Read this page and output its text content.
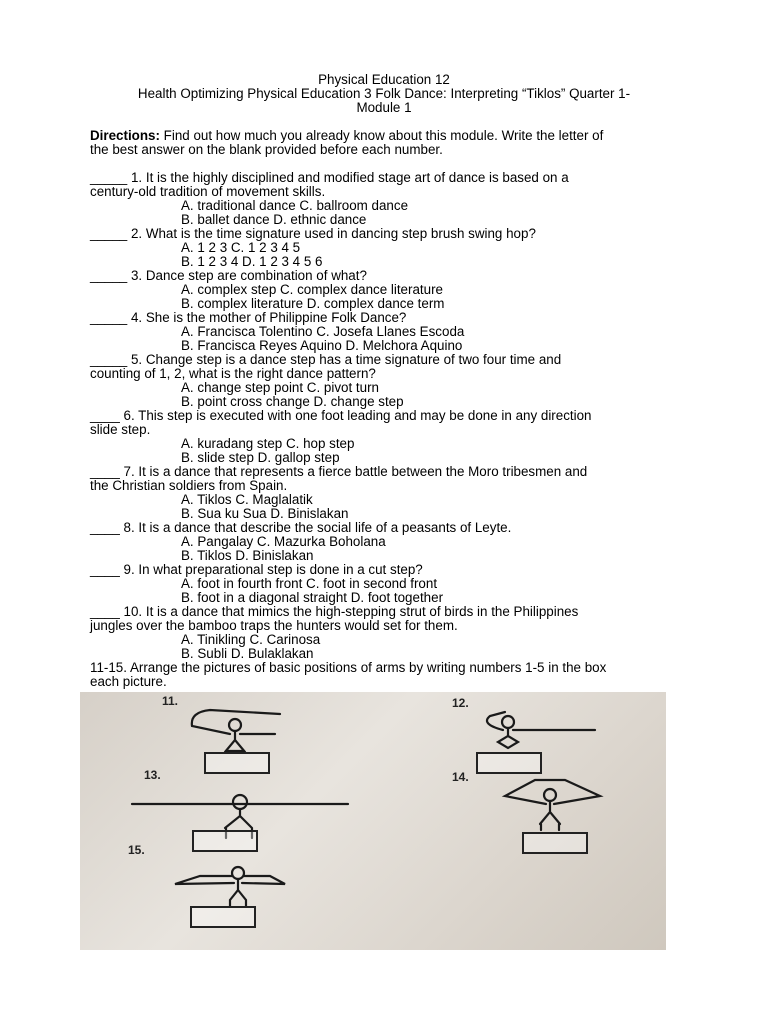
Physical Education 12
Health Optimizing Physical Education 3 Folk Dance: Interpreting “Tiklos” Quarter 1-
Module 1
Directions: Find out how much you already know about this module. Write the letter of
the best answer on the blank provided before each number.
_____ 1. It is the highly disciplined and modified stage art of dance is based on a
century-old tradition of movement skills.
A. traditional dance C. ballroom dance
B. ballet dance D. ethnic dance
_____ 2. What is the time signature used in dancing step brush swing hop?
A. 1 2 3 C. 1 2 3 4 5
B. 1 2 3 4 D. 1 2 3 4 5 6
_____ 3. Dance step are combination of what?
A. complex step C. complex dance literature
B. complex literature D. complex dance term
_____ 4. She is the mother of Philippine Folk Dance?
A. Francisca Tolentino C. Josefa Llanes Escoda
B. Francisca Reyes Aquino D. Melchora Aquino
_____ 5. Change step is a dance step has a time signature of two four time and
counting of 1, 2, what is the right dance pattern?
A. change step point C. pivot turn
B. point cross change D. change step
____ 6. This step is executed with one foot leading and may be done in any direction
slide step.
A. kuradang step C. hop step
B. slide step D. gallop step
____ 7. It is a dance that represents a fierce battle between the Moro tribesmen and
the Christian soldiers from Spain.
A. Tiklos C. Maglalatik
B. Sua ku Sua D. Binislakan
____ 8. It is a dance that describe the social life of a peasants of Leyte.
A. Pangalay C. Mazurka Boholana
B. Tiklos D. Binislakan
____ 9. In what preparational step is done in a cut step?
A. foot in fourth front C. foot in second front
B. foot in a diagonal straight D. foot together
____ 10. It is a dance that mimics the high-stepping strut of birds in the Philippines
jungles over the bamboo traps the hunters would set for them.
A. Tinikling C. Carinosa
B. Subli D. Bulaklakan
11-15. Arrange the pictures of basic positions of arms by writing numbers 1-5 in the box
each picture.
11.	12.
13.	14.
15.
